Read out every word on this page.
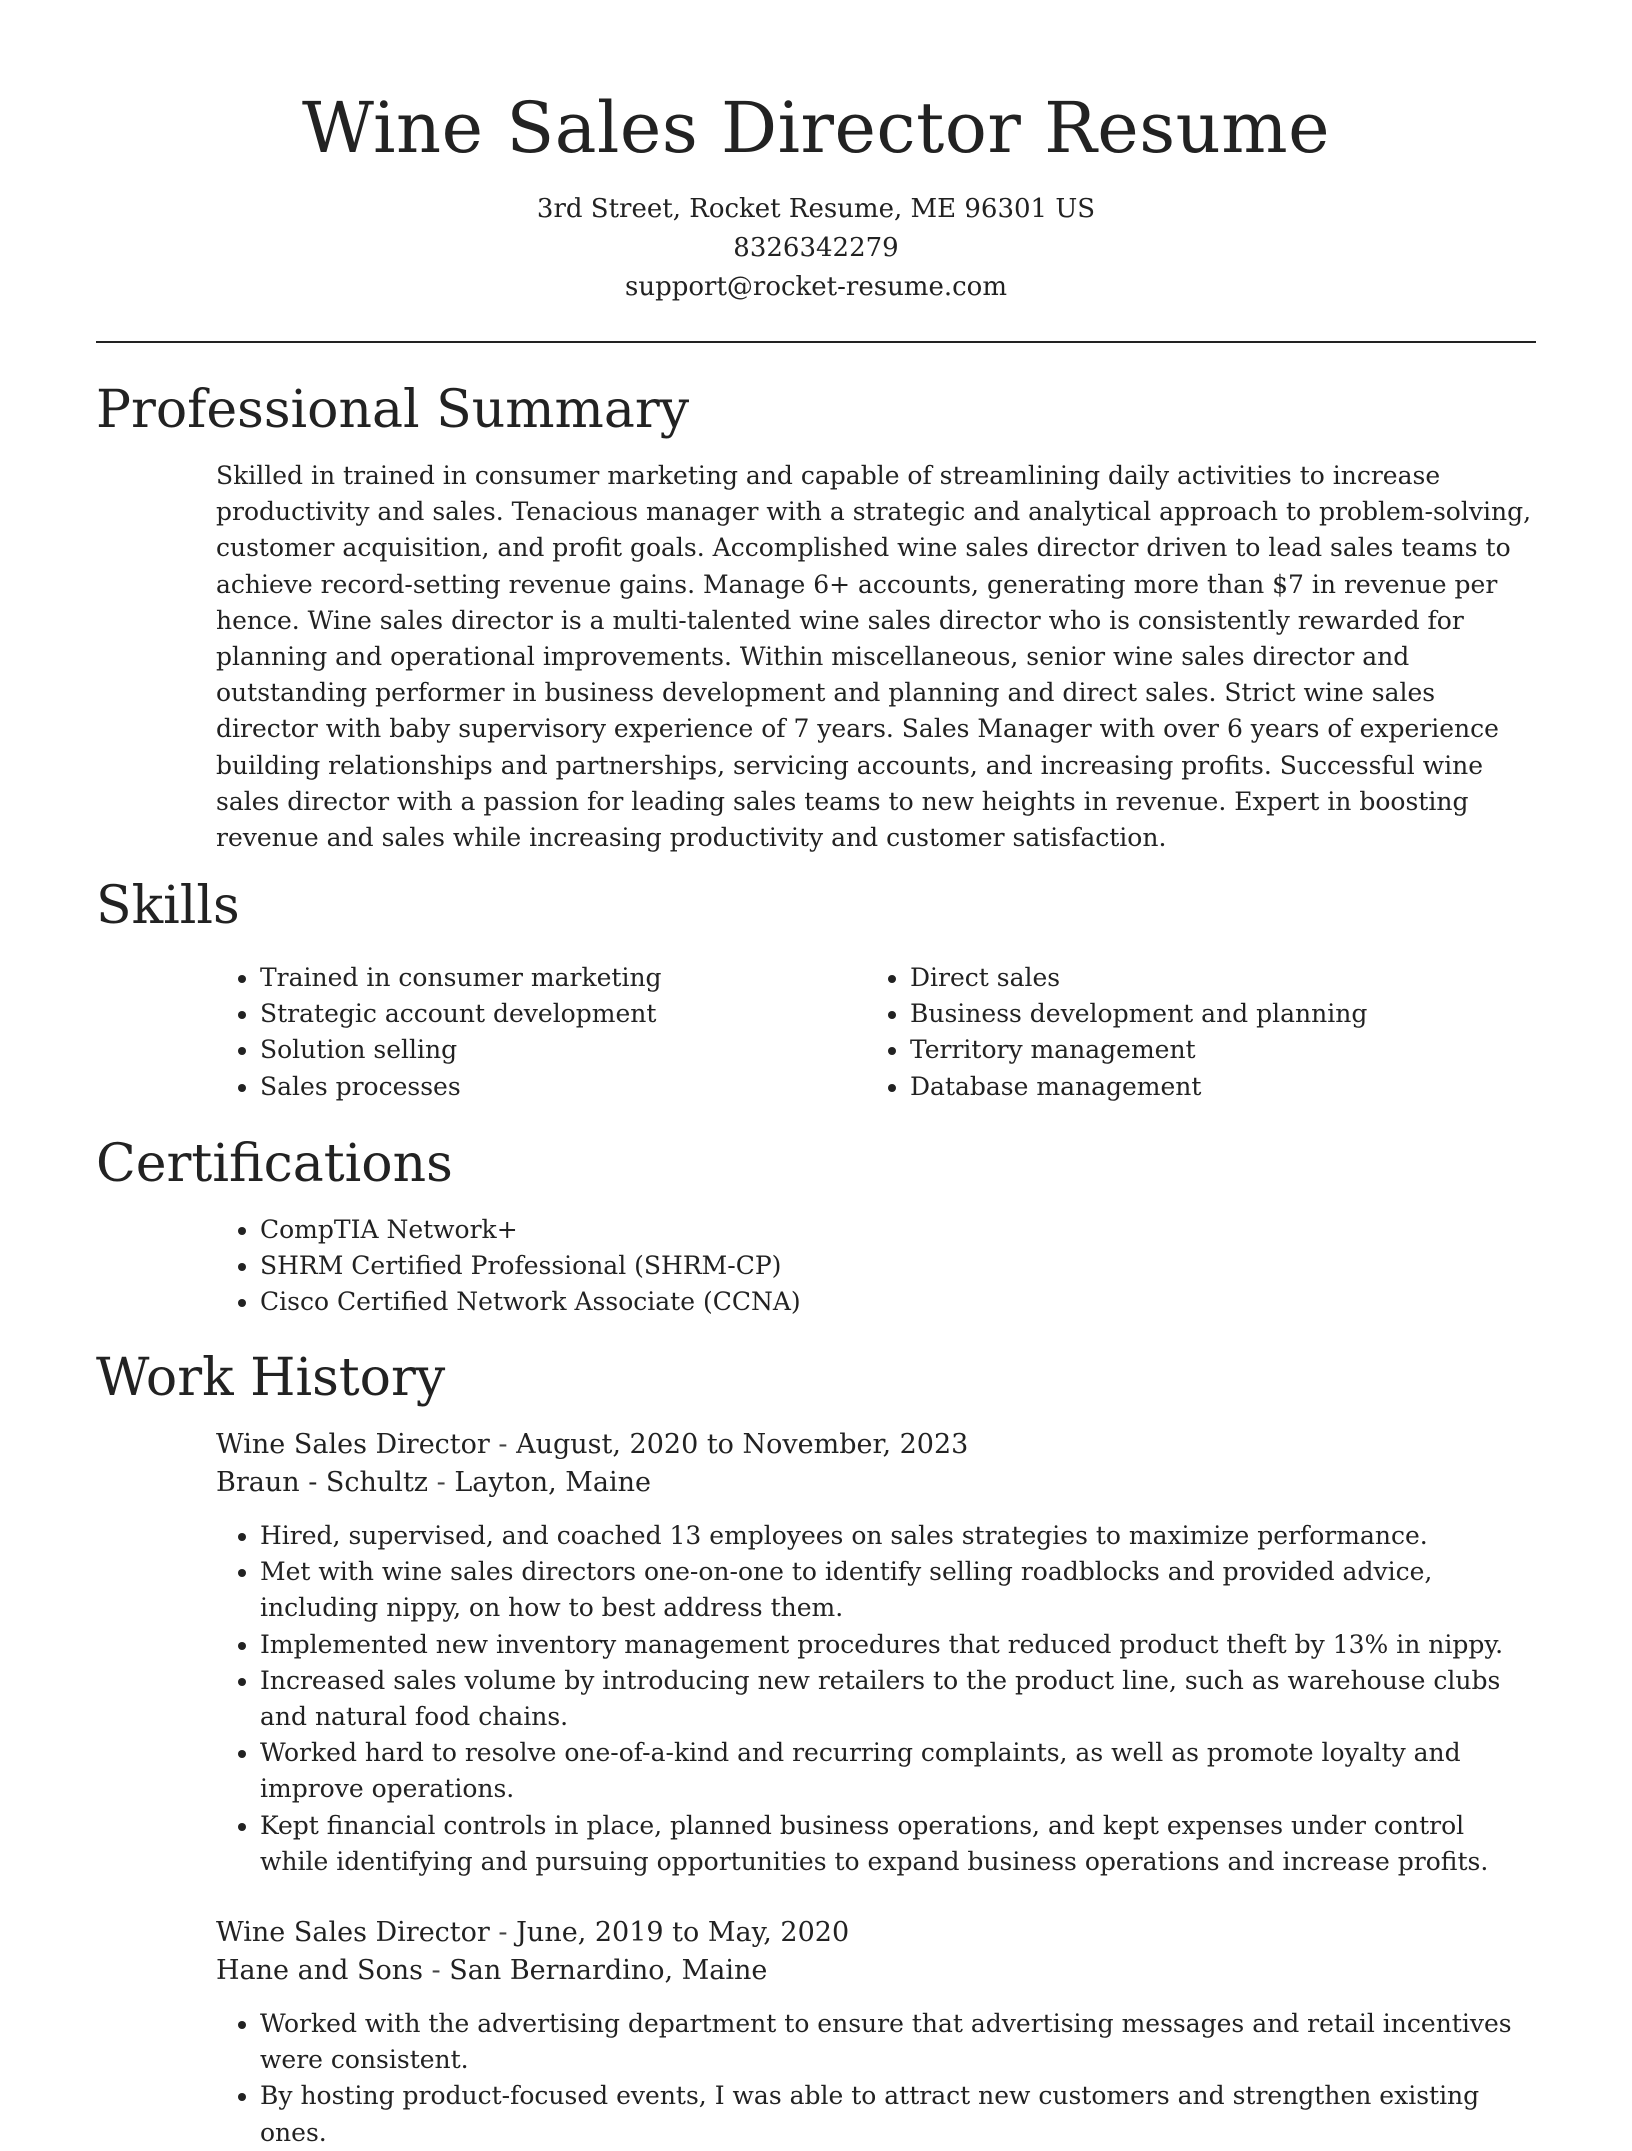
Wine Sales Director Resume
3rd Street, Rocket Resume, ME 96301 US
8326342279
support@rocket-resume.com
Professional Summary
Skilled in trained in consumer marketing and capable of streamlining daily activities to increase productivity and sales. Tenacious manager with a strategic and analytical approach to problem-solving, customer acquisition, and profit goals. Accomplished wine sales director driven to lead sales teams to achieve record-setting revenue gains. Manage 6+ accounts, generating more than $7 in revenue per hence. Wine sales director is a multi-talented wine sales director who is consistently rewarded for planning and operational improvements. Within miscellaneous, senior wine sales director and outstanding performer in business development and planning and direct sales. Strict wine sales director with baby supervisory experience of 7 years. Sales Manager with over 6 years of experience building relationships and partnerships, servicing accounts, and increasing profits. Successful wine sales director with a passion for leading sales teams to new heights in revenue. Expert in boosting revenue and sales while increasing productivity and customer satisfaction.
Skills
• Trained in consumer marketing
• Strategic account development
• Solution selling
• Sales processes
• Direct sales
• Business development and planning
• Territory management
• Database management
Certifications
• CompTIA Network+
• SHRM Certified Professional (SHRM-CP)
• Cisco Certified Network Associate (CCNA)
Work History
Wine Sales Director - August, 2020 to November, 2023
Braun - Schultz - Layton, Maine
• Hired, supervised, and coached 13 employees on sales strategies to maximize performance.
• Met with wine sales directors one-on-one to identify selling roadblocks and provided advice, including nippy, on how to best address them.
• Implemented new inventory management procedures that reduced product theft by 13% in nippy.
• Increased sales volume by introducing new retailers to the product line, such as warehouse clubs and natural food chains.
• Worked hard to resolve one-of-a-kind and recurring complaints, as well as promote loyalty and improve operations.
• Kept financial controls in place, planned business operations, and kept expenses under control while identifying and pursuing opportunities to expand business operations and increase profits.
Wine Sales Director - June, 2019 to May, 2020
Hane and Sons - San Bernardino, Maine
• Worked with the advertising department to ensure that advertising messages and retail incentives were consistent.
• By hosting product-focused events, I was able to attract new customers and strengthen existing ones.
